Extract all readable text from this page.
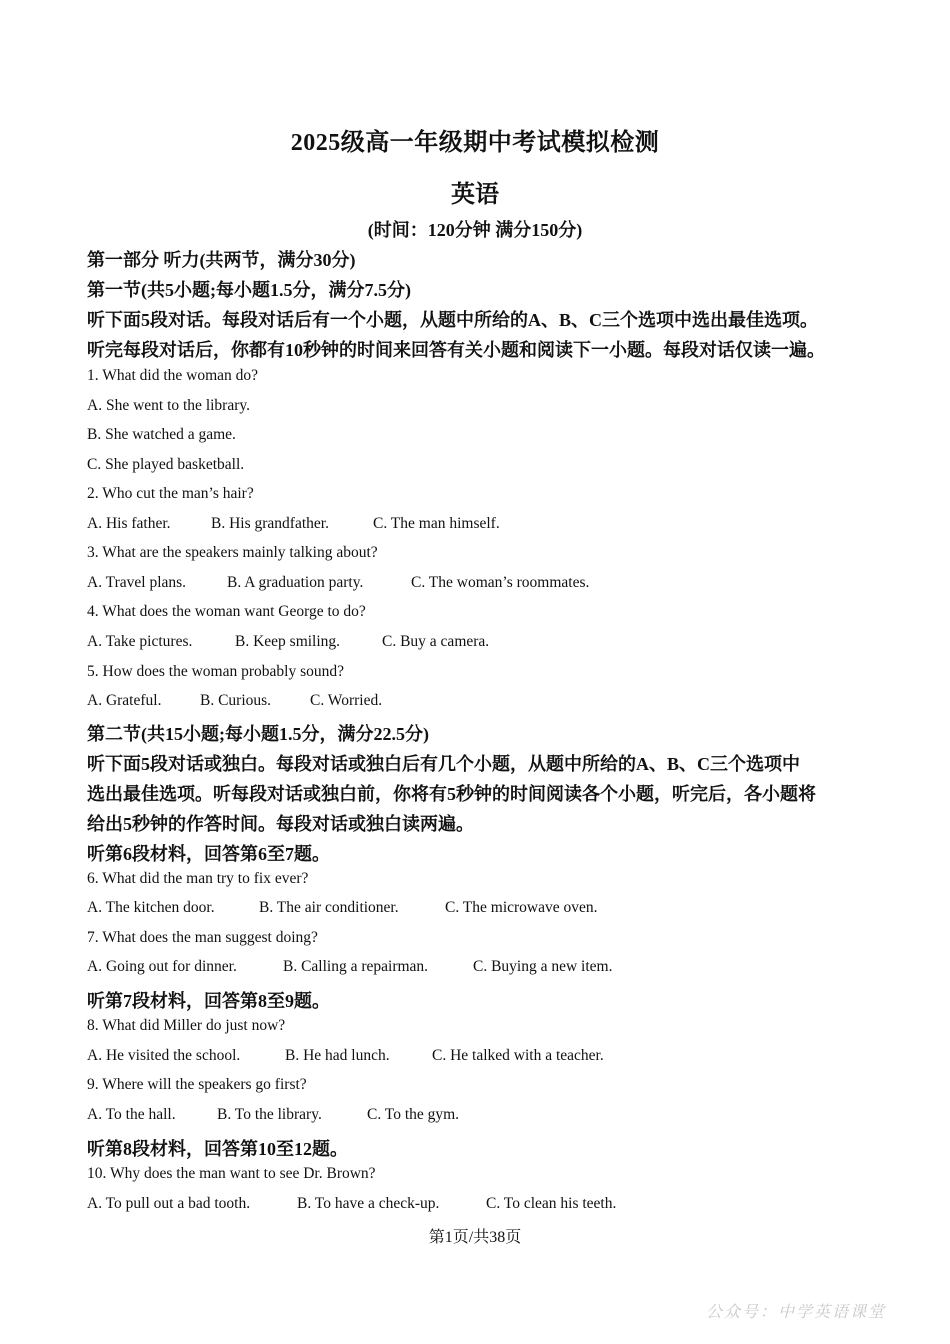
2025级高一年级期中考试模拟检测
英语
(时间：120分钟 满分150分)
第一部分 听力(共两节，满分30分)
第一节(共5小题;每小题1.5分，满分7.5分)
听下面5段对话。每段对话后有一个小题，从题中所给的A、B、C三个选项中选出最佳选项。
听完每段对话后，你都有10秒钟的时间来回答有关小题和阅读下一小题。每段对话仅读一遍。
1. What did the woman do?
A. She went to the library.
B. She watched a game.
C. She played basketball.
2. Who cut the man’s hair?
A. His father.	B. His grandfather.	C. The man himself.
3. What are the speakers mainly talking about?
A. Travel plans.	B. A graduation party.	C. The woman’s roommates.
4. What does the woman want George to do?
A. Take pictures.	B. Keep smiling.	C. Buy a camera.
5. How does the woman probably sound?
A. Grateful. B. Curious.	C. Worried.
第二节(共15小题;每小题1.5分，满分22.5分)
听下面5段对话或独白。每段对话或独白后有几个小题，从题中所给的A、B、C三个选项中
选出最佳选项。听每段对话或独白前，你将有5秒钟的时间阅读各个小题，听完后，各小题将
给出5秒钟的作答时间。每段对话或独白读两遍。
听第6段材料，回答第6至7题。
6. What did the man try to fix ever?
A. The kitchen door.	B. The air conditioner.	C. The microwave oven.
7. What does the man suggest doing?
A. Going out for dinner.	B. Calling a repairman.	C. Buying a new item.
听第7段材料，回答第8至9题。
8. What did Miller do just now?
A. He visited the school.	B. He had lunch.	C. He talked with a teacher.
9. Where will the speakers go first?
A. To the hall.	B. To the library.	C. To the gym.
听第8段材料，回答第10至12题。
10. Why does the man want to see Dr. Brown?
A. To pull out a bad tooth.	B. To have a check-up.	C. To clean his teeth.
第1页/共38页
公众号：中学英语课堂
